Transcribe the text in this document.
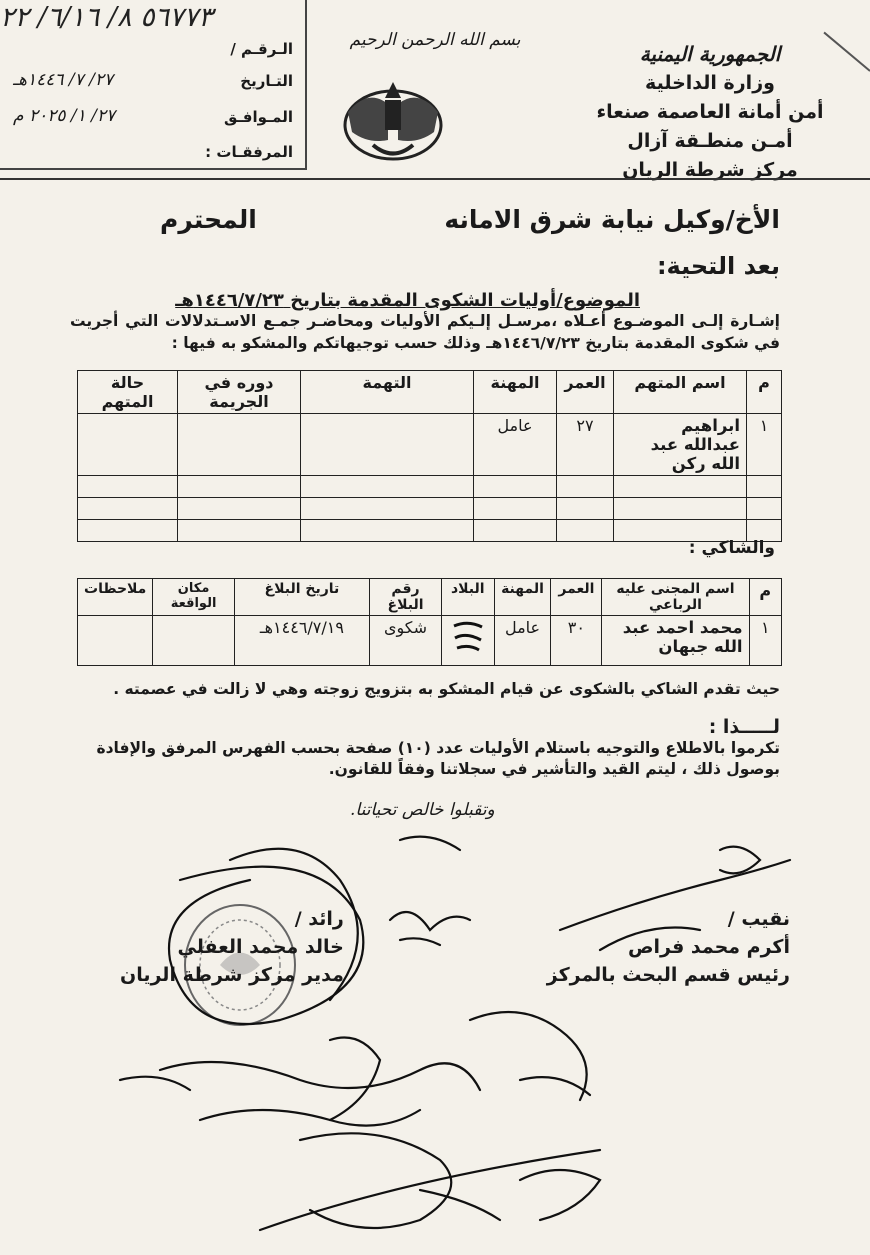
٥٦٧٧٣ ٨/ ٦/١٦/ ٢٢
الـرقـم /
التـاريخ
٢٧/ ٧/ ١٤٤٦هـ
المـوافـق
٢٧/ ١/ ٢٠٢٥ م
المرفقـات :
بسم الله الرحمن الرحيم
الجمهورية اليمنية
وزارة الداخلية
أمن أمانة العاصمة صنعاء
أمـن منطـقة آزال
مركز شرطة الريان
الأخ/وكيل نيابة شرق الامانه
المحترم
بعد التحية:
الموضوع/أوليات الشكوى المقدمة بتاريخ ١٤٤٦/٧/٢٣هـ
إشـارة إلـى الموضـوع أعـلاه ،مرسـل إلـيكم الأوليات ومحاضـر جمـع الاسـتدلالات التي أجريت في شكوى المقدمة بتاريخ ١٤٤٦/٧/٢٣هـ وذلك حسب توجيهاتكم والمشكو به فيها :
م	اسم المتهم	العمر	المهنة	التهمة	دوره في الجريمة	حالة المتهم
١	ابراهيم عبدالله عبد الله ركن	٢٧	عامل			

والشاكي :
م	اسم المجنى عليه الرباعي	العمر	المهنة	البلاد	رقم البلاغ	تاريخ البلاغ	مكان الواقعة	ملاحظات
١	محمد احمد عبد الله جبهان	٣٠	عامل		شكوى	١٤٤٦/٧/١٩هـ		
حيث تقدم الشاكي بالشكوى عن قيام المشكو به بتزويج زوجته وهي لا زالت في عصمته .
لـــــذا :
تكرموا بالاطلاع والتوجيه باستلام الأوليات عدد (١٠) صفحة بحسب الفهرس المرفق والإفادة بوصول ذلك ، ليتم القيد والتأشير في سجلاتنا وفقاً للقانون.
وتقبلوا خالص تحياتنا.
نقيب /
أكرم محمد فراص
رئيس قسم البحث بالمركز
رائد /
خالد محمد العفلي
مدير مركز شرطة الريان
